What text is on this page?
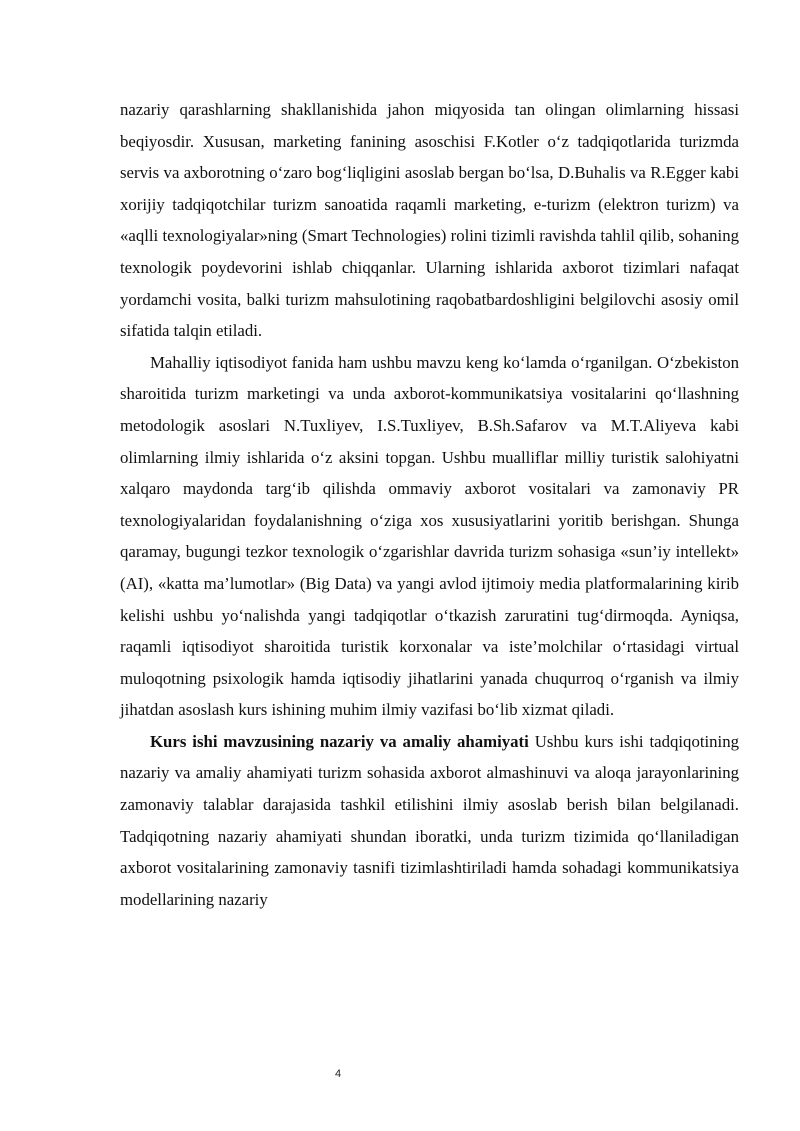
nazariy qarashlarning shakllanishida jahon miqyosida tan olingan olimlarning hissasi beqiyosdir. Xususan, marketing fanining asoschisi F.Kotler o‘z tadqiqotlarida turizmda servis va axborotning o‘zaro bog‘liqligini asoslab bergan bo‘lsa, D.Buhalis va R.Egger kabi xorijiy tadqiqotchilar turizm sanoatida raqamli marketing, e-turizm (elektron turizm) va «aqlli texnologiyalar»ning (Smart Technologies) rolini tizimli ravishda tahlil qilib, sohaning texnologik poydevorini ishlab chiqqanlar. Ularning ishlarida axborot tizimlari nafaqat yordamchi vosita, balki turizm mahsulotining raqobatbardoshligini belgilovchi asosiy omil sifatida talqin etiladi.

Mahalliy iqtisodiyot fanida ham ushbu mavzu keng ko‘lamda o‘rganilgan. O‘zbekiston sharoitida turizm marketingi va unda axborot-kommunikatsiya vositalarini qo‘llashning metodologik asoslari N.Tuxliyev, I.S.Tuxliyev, B.Sh.Safarov va M.T.Aliyeva kabi olimlarning ilmiy ishlarida o‘z aksini topgan. Ushbu mualliflar milliy turistik salohiyatni xalqaro maydonda targ‘ib qilishda ommaviy axborot vositalari va zamonaviy PR texnologiyalaridan foydalanishning o‘ziga xos xususiyatlarini yoritib berishgan. Shunga qaramay, bugungi tezkor texnologik o‘zgarishlar davrida turizm sohasiga «sun’iy intellekt» (AI), «katta ma’lumotlar» (Big Data) va yangi avlod ijtimoiy media platformalarining kirib kelishi ushbu yo‘nalishda yangi tadqiqotlar o‘tkazish zaruratini tug‘dirmoqda. Ayniqsa, raqamli iqtisodiyot sharoitida turistik korxonalar va iste’molchilar o‘rtasidagi virtual muloqotning psixologik hamda iqtisodiy jihatlarini yanada chuqurroq o‘rganish va ilmiy jihatdan asoslash kurs ishining muhim ilmiy vazifasi bo‘lib xizmat qiladi.

Kurs ishi mavzusining nazariy va amaliy ahamiyati Ushbu kurs ishi tadqiqotining nazariy va amaliy ahamiyati turizm sohasida axborot almashinuvi va aloqa jarayonlarining zamonaviy talablar darajasida tashkil etilishini ilmiy asoslab berish bilan belgilanadi. Tadqiqotning nazariy ahamiyati shundan iboratki, unda turizm tizimida qo‘llaniladigan axborot vositalarining zamonaviy tasnifi tizimlashtiriladi hamda sohadagi kommunikatsiya modellarining nazariy

4
